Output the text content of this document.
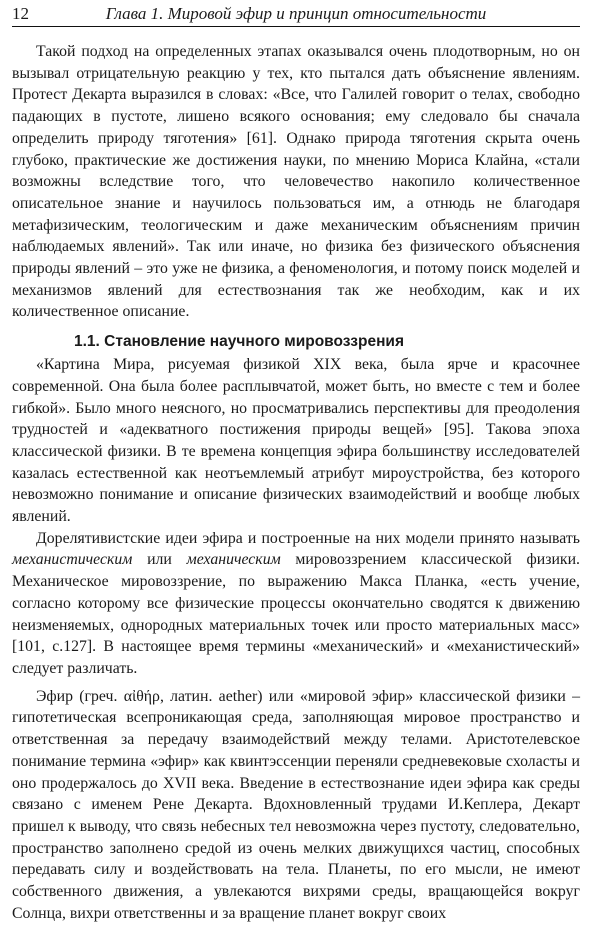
12	Глава 1. Мировой эфир и принцип относительности

Такой подход на определенных этапах оказывался очень плодотворным, но он вызывал отрицательную реакцию у тех, кто пытался дать объяснение явлениям. Протест Декарта выразился в словах: «Все, что Галилей говорит о телах, свободно падающих в пустоте, лишено всякого основания; ему следовало бы сначала определить природу тяготения» [61]. Однако природа тяготения скрыта очень глубоко, практические же достижения науки, по мнению Мориса Клайна, «стали возможны вследствие того, что человечество накопило количественное описательное знание и научилось пользоваться им, а отнюдь не благодаря метафизическим, теологическим и даже механическим объяснениям причин наблюдаемых явлений». Так или иначе, но физика без физического объяснения природы явлений – это уже не физика, а феноменология, и потому поиск моделей и механизмов явлений для естествознания так же необходим, как и их количественное описание.

1.1. Становление научного мировоззрения

«Картина Мира, рисуемая физикой XIX века, была ярче и красочнее современной. Она была более расплывчатой, может быть, но вместе с тем и более гибкой». Было много неясного, но просматривались перспективы для преодоления трудностей и «адекватного постижения природы вещей» [95]. Такова эпоха классической физики. В те времена концепция эфира большинству исследователей казалась естественной как неотъемлемый атрибут мироустройства, без которого невозможно понимание и описание физических взаимодействий и вообще любых явлений.

Дорелятивистские идеи эфира и построенные на них модели принято называть механистическим или механическим мировоззрением классической физики. Механическое мировоззрение, по выражению Макса Планка, «есть учение, согласно которому все физические процессы окончательно сводятся к движению неизменяемых, однородных материальных точек или просто материальных масс» [101, с.127]. В настоящее время термины «механический» и «механистический» следует различать.

Эфир (греч. αἰθήρ, латин. aether) или «мировой эфир» классической физики – гипотетическая всепроникающая среда, заполняющая мировое пространство и ответственная за передачу взаимодействий между телами. Аристотелевское понимание термина «эфир» как квинтэссенции переняли средневековые схоласты и оно продержалось до XVII века. Введение в естествознание идеи эфира как среды связано с именем Рене Декарта. Вдохновленный трудами И.Кеплера, Декарт пришел к выводу, что связь небесных тел невозможна через пустоту, следовательно, пространство заполнено средой из очень мелких движущихся частиц, способных передавать силу и воздействовать на тела. Планеты, по его мысли, не имеют собственного движения, а увлекаются вихрями среды, вращающейся вокруг Солнца, вихри ответственны и за вращение планет вокруг своих
